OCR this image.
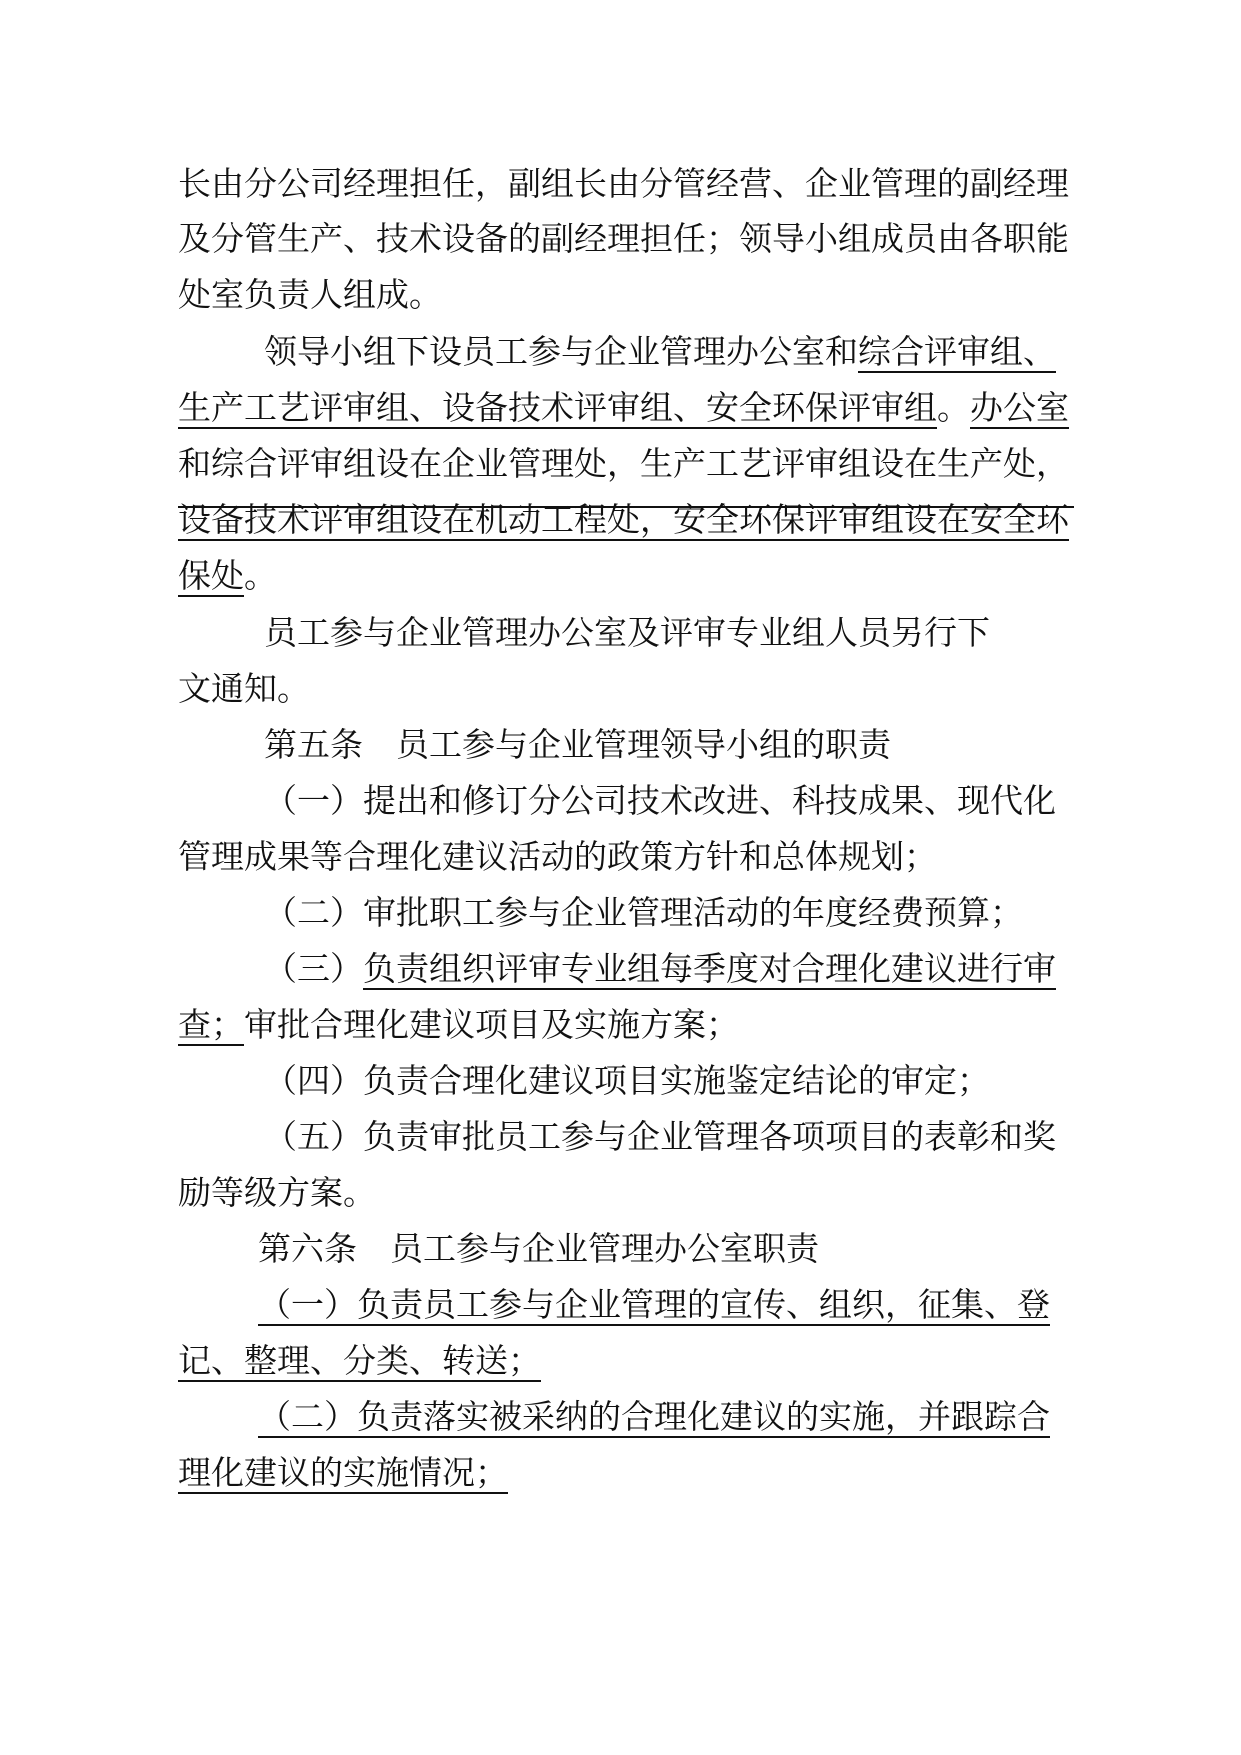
长由分公司经理担任，副组长由分管经营、企业管理的副经理
及分管生产、技术设备的副经理担任；领导小组成员由各职能
处室负责人组成。
领导小组下设员工参与企业管理办公室和综合评审组、
生产工艺评审组、设备技术评审组、安全环保评审组。办公室
和综合评审组设在企业管理处，生产工艺评审组设在生产处，
设备技术评审组设在机动工程处，安全环保评审组设在安全环
保处。
员工参与企业管理办公室及评审专业组人员另行下
文通知。
第五条　员工参与企业管理领导小组的职责
（一）提出和修订分公司技术改进、科技成果、现代化
管理成果等合理化建议活动的政策方针和总体规划；
（二）审批职工参与企业管理活动的年度经费预算；
（三）负责组织评审专业组每季度对合理化建议进行审
查；审批合理化建议项目及实施方案；
（四）负责合理化建议项目实施鉴定结论的审定；
（五）负责审批员工参与企业管理各项项目的表彰和奖
励等级方案。
第六条　员工参与企业管理办公室职责
（一）负责员工参与企业管理的宣传、组织，征集、登
记、整理、分类、转送；
（二）负责落实被采纳的合理化建议的实施，并跟踪合
理化建议的实施情况；
